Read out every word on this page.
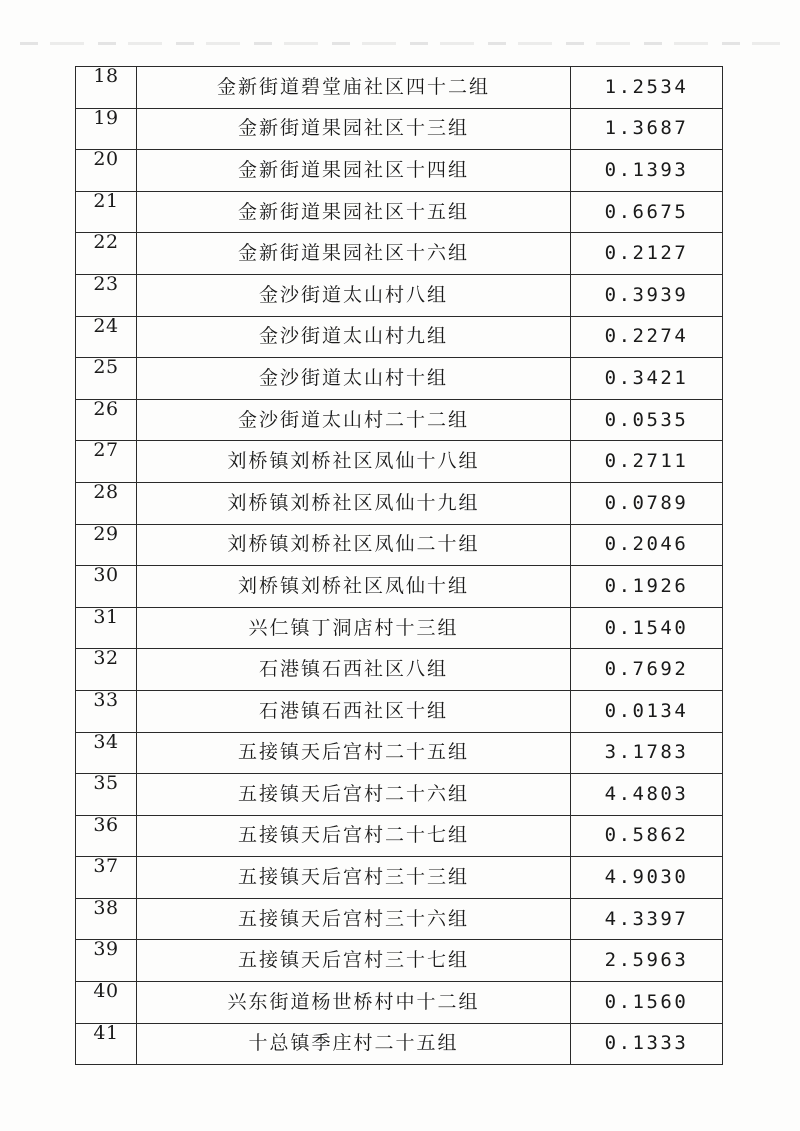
18	金新街道碧堂庙社区四十二组	1.2534
19	金新街道果园社区十三组	1.3687
20	金新街道果园社区十四组	0.1393
21	金新街道果园社区十五组	0.6675
22	金新街道果园社区十六组	0.2127
23	金沙街道太山村八组	0.3939
24	金沙街道太山村九组	0.2274
25	金沙街道太山村十组	0.3421
26	金沙街道太山村二十二组	0.0535
27	刘桥镇刘桥社区凤仙十八组	0.2711
28	刘桥镇刘桥社区凤仙十九组	0.0789
29	刘桥镇刘桥社区凤仙二十组	0.2046
30	刘桥镇刘桥社区凤仙十组	0.1926
31	兴仁镇丁洞店村十三组	0.1540
32	石港镇石西社区八组	0.7692
33	石港镇石西社区十组	0.0134
34	五接镇天后宫村二十五组	3.1783
35	五接镇天后宫村二十六组	4.4803
36	五接镇天后宫村二十七组	0.5862
37	五接镇天后宫村三十三组	4.9030
38	五接镇天后宫村三十六组	4.3397
39	五接镇天后宫村三十七组	2.5963
40	兴东街道杨世桥村中十二组	0.1560
41	十总镇季庄村二十五组	0.1333
